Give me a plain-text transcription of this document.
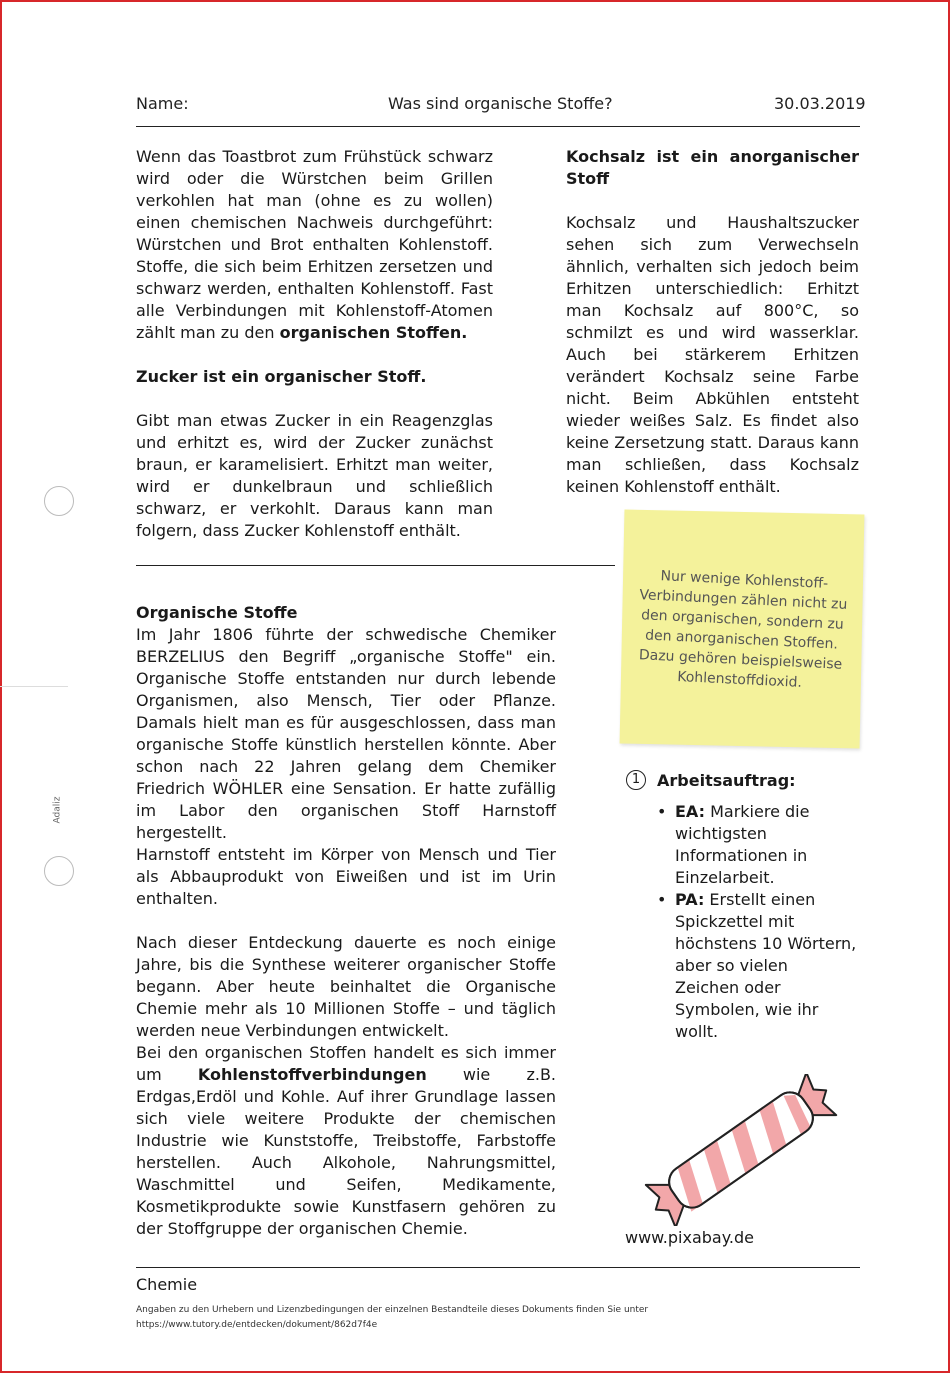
Adaliz
Name:	Was sind organische Stoffe?	30.03.2019

Wenn das Toastbrot zum Frühstück schwarz wird oder die Würstchen beim Grillen verkohlen hat man (ohne es zu wollen) einen chemischen Nachweis durchgeführt: Würstchen und Brot enthalten Kohlenstoff. Stoffe, die sich beim Erhitzen zersetzen und schwarz werden, enthalten Kohlenstoff. Fast alle Verbindungen mit Kohlenstoff-Atomen zählt man zu den organischen Stoffen.

Zucker ist ein organischer Stoff.
Gibt man etwas Zucker in ein Reagenzglas und erhitzt es, wird der Zucker zunächst braun, er karamelisiert. Erhitzt man weiter, wird er dunkelbraun und schließlich schwarz, er verkohlt. Daraus kann man folgern, dass Zucker Kohlenstoff enthält.
Kochsalz ist ein anorganischer Stoff
Kochsalz und Haushaltszucker sehen sich zum Verwechseln ähnlich, verhalten sich jedoch beim Erhitzen unterschiedlich: Erhitzt man Kochsalz auf 800°C, so schmilzt es und wird wasserklar. Auch bei stärkerem Erhitzen verändert Kochsalz seine Farbe nicht. Beim Abkühlen entsteht wieder weißes Salz. Es findet also keine Zersetzung statt. Daraus kann man schließen, dass Kochsalz keinen Kohlenstoff enthält.
Organische Stoffe
Im Jahr 1806 führte der schwedische Chemiker BERZELIUS den Begriff „organische Stoffe" ein. Organische Stoffe entstanden nur durch lebende Organismen, also Mensch, Tier oder Pflanze. Damals hielt man es für ausgeschlossen, dass man organische Stoffe künstlich herstellen könnte. Aber schon nach 22 Jahren gelang dem Chemiker Friedrich WÖHLER eine Sensation. Er hatte zufällig im Labor den organischen Stoff Harnstoff hergestellt.
Harnstoff entsteht im Körper von Mensch und Tier als Abbauprodukt von Eiweißen und ist im Urin enthalten.
Nach dieser Entdeckung dauerte es noch einige Jahre, bis die Synthese weiterer organischer Stoffe begann. Aber heute beinhaltet die Organische Chemie mehr als 10 Millionen Stoffe – und täglich werden neue Verbindungen entwickelt.

Bei den organischen Stoffen handelt es sich immer um Kohlenstoffverbindungen wie z.B. Erdgas,Erdöl und Kohle. Auf ihrer Grundlage lassen sich viele weitere Produkte der chemischen Industrie wie Kunststoffe, Treibstoffe, Farbstoffe herstellen. Auch Alkohole, Nahrungsmittel, Waschmittel und Seifen, Medikamente, Kosmetikprodukte sowie Kunstfasern gehören zu der Stoffgruppe der organischen Chemie.

Nur wenige Kohlenstoff-Verbindungen zählen nicht zu den organischen, sondern zu den anorganischen Stoffen. Dazu gehören beispielsweise Kohlenstoffdioxid.
1	Arbeitsauftrag:
• EA: Markiere die wichtigsten Informationen in Einzelarbeit.
• PA: Erstellt einen Spickzettel mit höchstens 10 Wörtern, aber so vielen Zeichen oder Symbolen, wie ihr wollt.
www.pixabay.de
Chemie
Angaben zu den Urhebern und Lizenzbedingungen der einzelnen Bestandteile dieses Dokuments finden Sie unter
https://www.tutory.de/entdecken/dokument/862d7f4e
